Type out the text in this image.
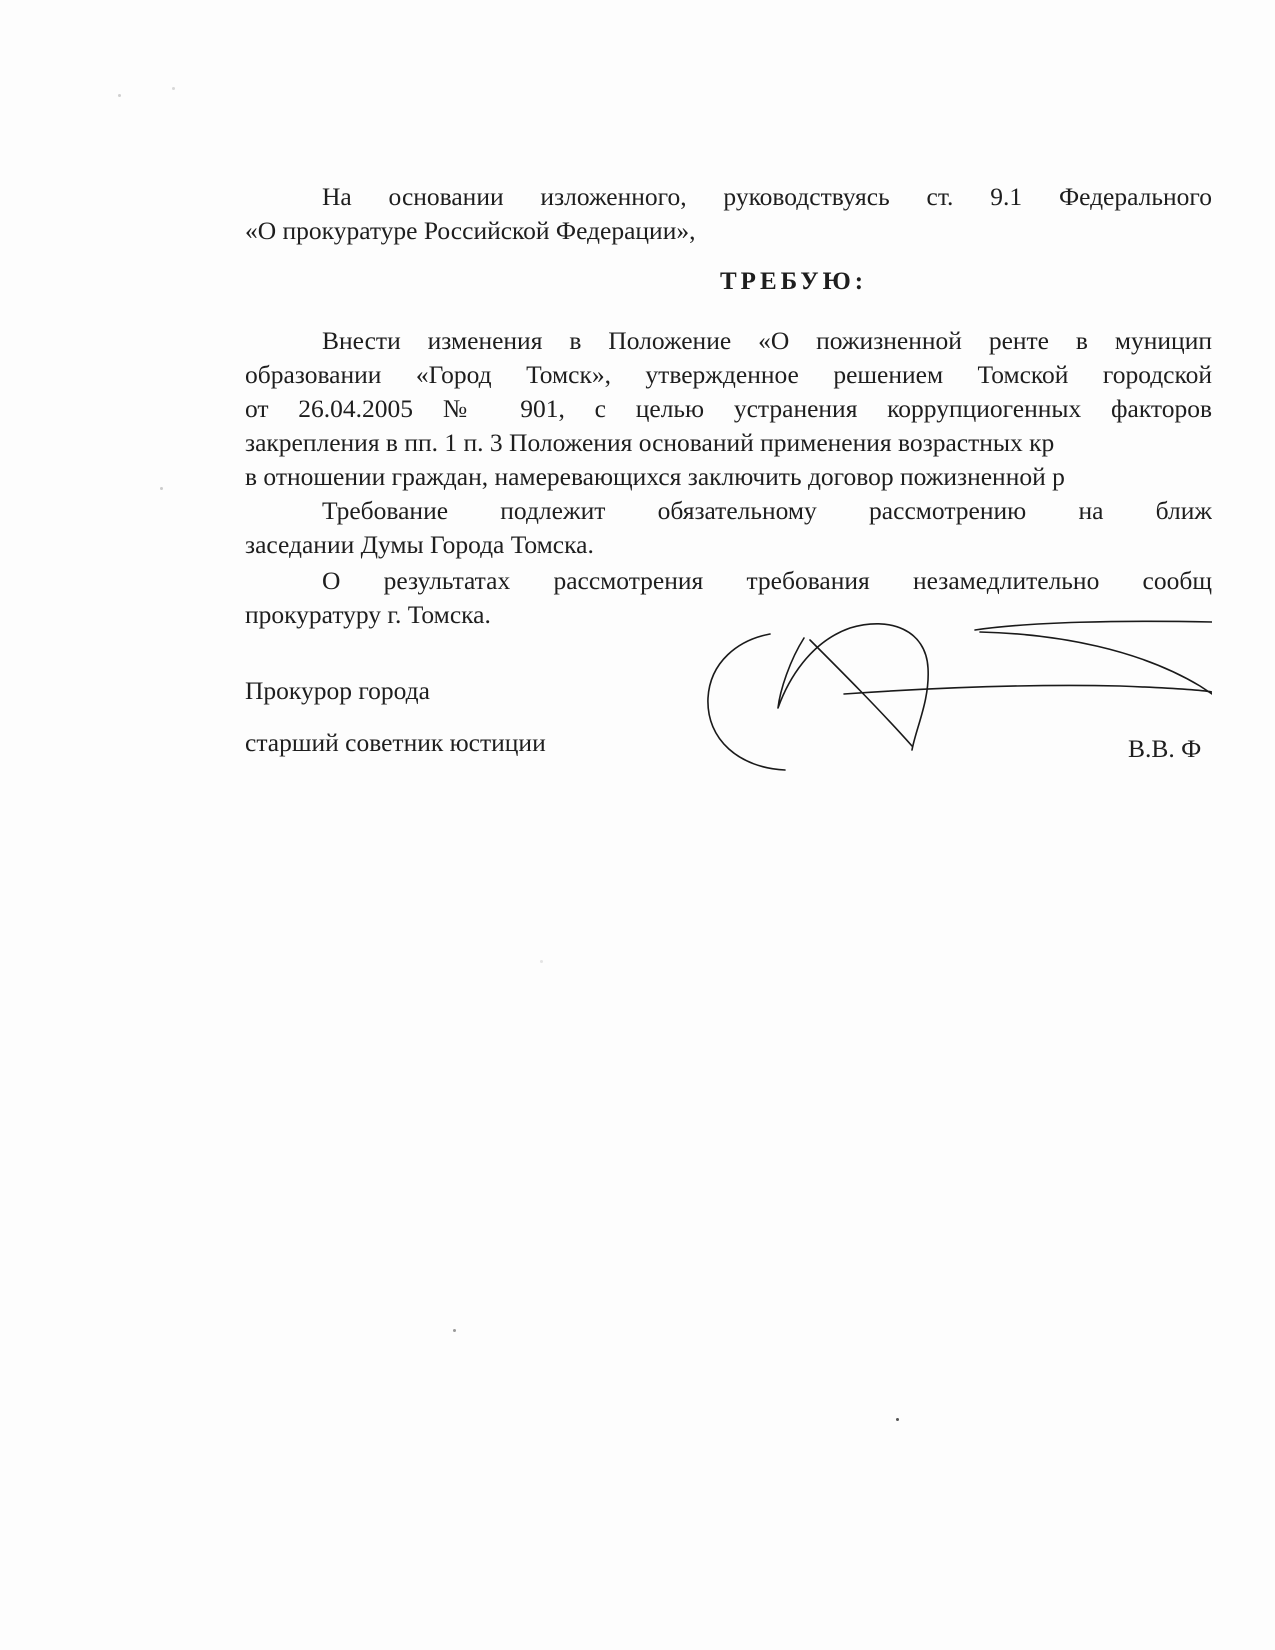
На основании изложенного, руководствуясь ст. 9.1 Федерального
«О прокуратуре Российской Федерации»,
ТРЕБУЮ:
Внести изменения в Положение «О пожизненной ренте в муницип
образовании «Город Томск», утвержденное решением Томской городской
от 26.04.2005 № 901, с целью устранения коррупциогенных факторов
закрепления в пп. 1 п. 3 Положения оснований применения возрастных кр
в отношении граждан, намеревающихся заключить договор пожизненной р
Требование подлежит обязательному рассмотрению на ближ
заседании Думы Города Томска.
О результатах рассмотрения требования незамедлительно сообщ
прокуратуру г. Томска.
Прокурор города
старший советник юстиции	В.В. Ф
